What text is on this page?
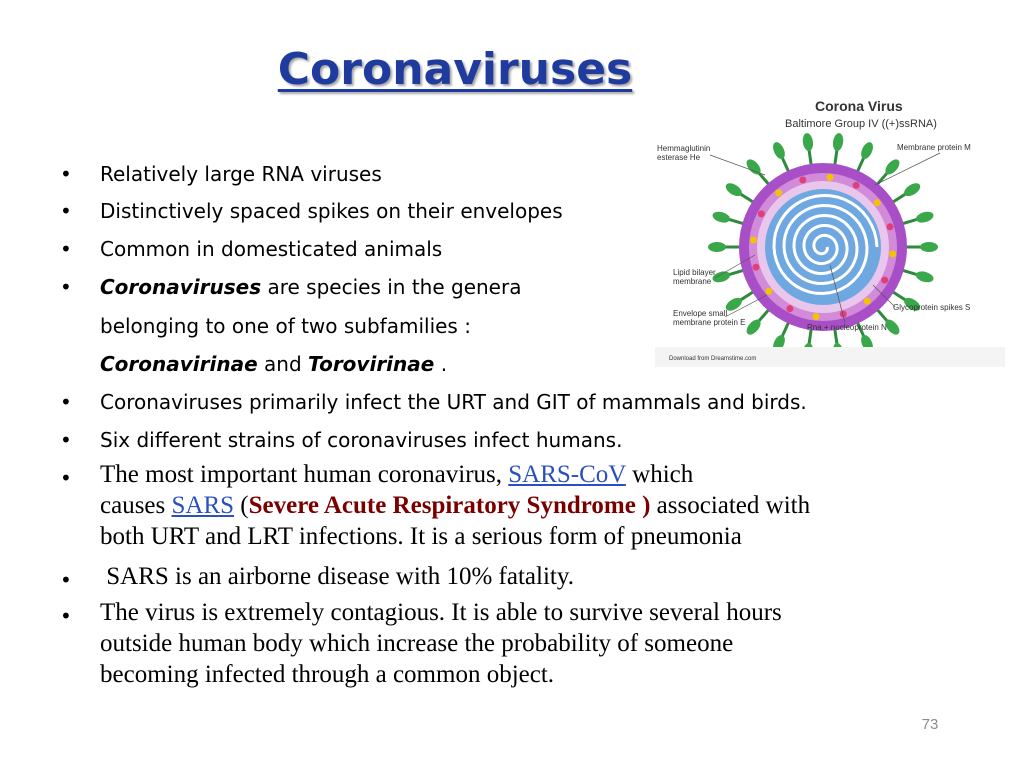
Coronaviruses
• Relatively large RNA viruses
• Distinctively spaced spikes on their envelopes
• Common in domesticated animals
• Coronaviruses are species in the genera
belonging to one of two subfamilies :
Coronavirinae and Torovirinae .
• Coronaviruses primarily infect the URT and GIT of mammals and birds.
• Six different strains of coronaviruses infect humans.
• The most important human coronavirus, SARS-CoV which
causes SARS (Severe Acute Respiratory Syndrome ) associated with
both URT and LRT infections. It is a serious form of pneumonia
• SARS is an airborne disease with 10% fatality.
• The virus is extremely contagious. It is able to survive several hours
outside human body which increase the probability of someone
becoming infected through a common object.
Corona Virus
Baltimore Group IV ((+)ssRNA)
Hemmaglutinin
esterase He
Membrane protein M
Lipid bilayer
membrane
Envelope small
membrane protein E
Glycoprotein spikes S
Rna + nucleoprotein N
Download from Dreamstime.com
73
